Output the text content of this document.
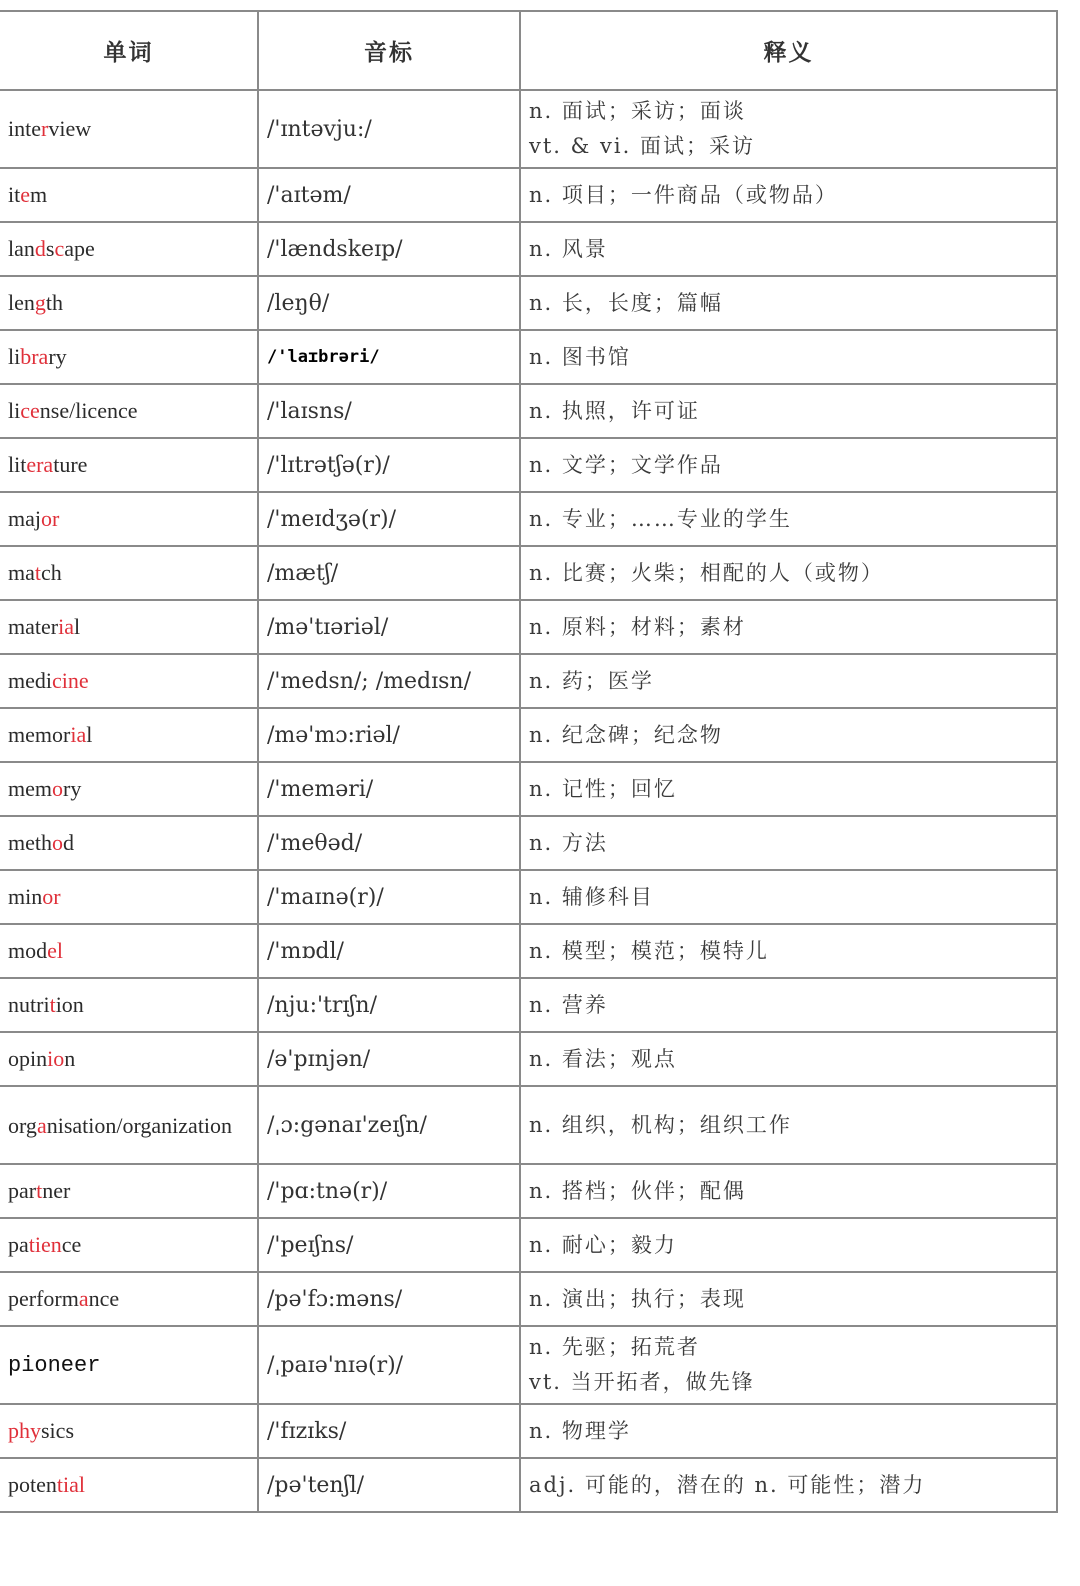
单词	音标	释义
interview	/'ɪntəvju:/	n. 面试；采访；面谈
vt. & vi. 面试；采访

item	/'aɪtəm/	n. 项目；一件商品（或物品）

landscape	/'lændskeɪp/	n. 风景

length	/leŋθ/	n. 长，长度；篇幅

library	/'laɪbrəri/	n. 图书馆

license/licence	/'laɪsns/	n. 执照，许可证

literature	/'lɪtrətʃə(r)/	n. 文学；文学作品

major	/'meɪdʒə(r)/	n. 专业；……专业的学生

match	/mætʃ/	n. 比赛；火柴；相配的人（或物）

material	/mə'tɪəriəl/	n. 原料；材料；素材

medicine	/'medsn/; /medɪsn/	n. 药；医学

memorial	/mə'mɔ:riəl/	n. 纪念碑；纪念物

memory	/'meməri/	n. 记性；回忆

method	/'meθəd/	n. 方法

minor	/'maɪnə(r)/	n. 辅修科目

model	/'mɒdl/	n. 模型；模范；模特儿

nutrition	/nju:'trɪʃn/	n. 营养

opinion	/ə'pɪnjən/	n. 看法；观点

organisation/organization	/ˌɔ:gənaɪ'zeɪʃn/	n. 组织，机构；组织工作

partner	/'pɑ:tnə(r)/	n. 搭档；伙伴；配偶

patience	/'peɪʃns/	n. 耐心；毅力

performance	/pə'fɔ:məns/	n. 演出；执行；表现

pioneer	/ˌpaɪə'nɪə(r)/	n. 先驱；拓荒者
vt. 当开拓者，做先锋

physics	/'fɪzɪks/	n. 物理学

potential	/pə'tenʃl/	adj. 可能的，潜在的 n. 可能性；潜力
